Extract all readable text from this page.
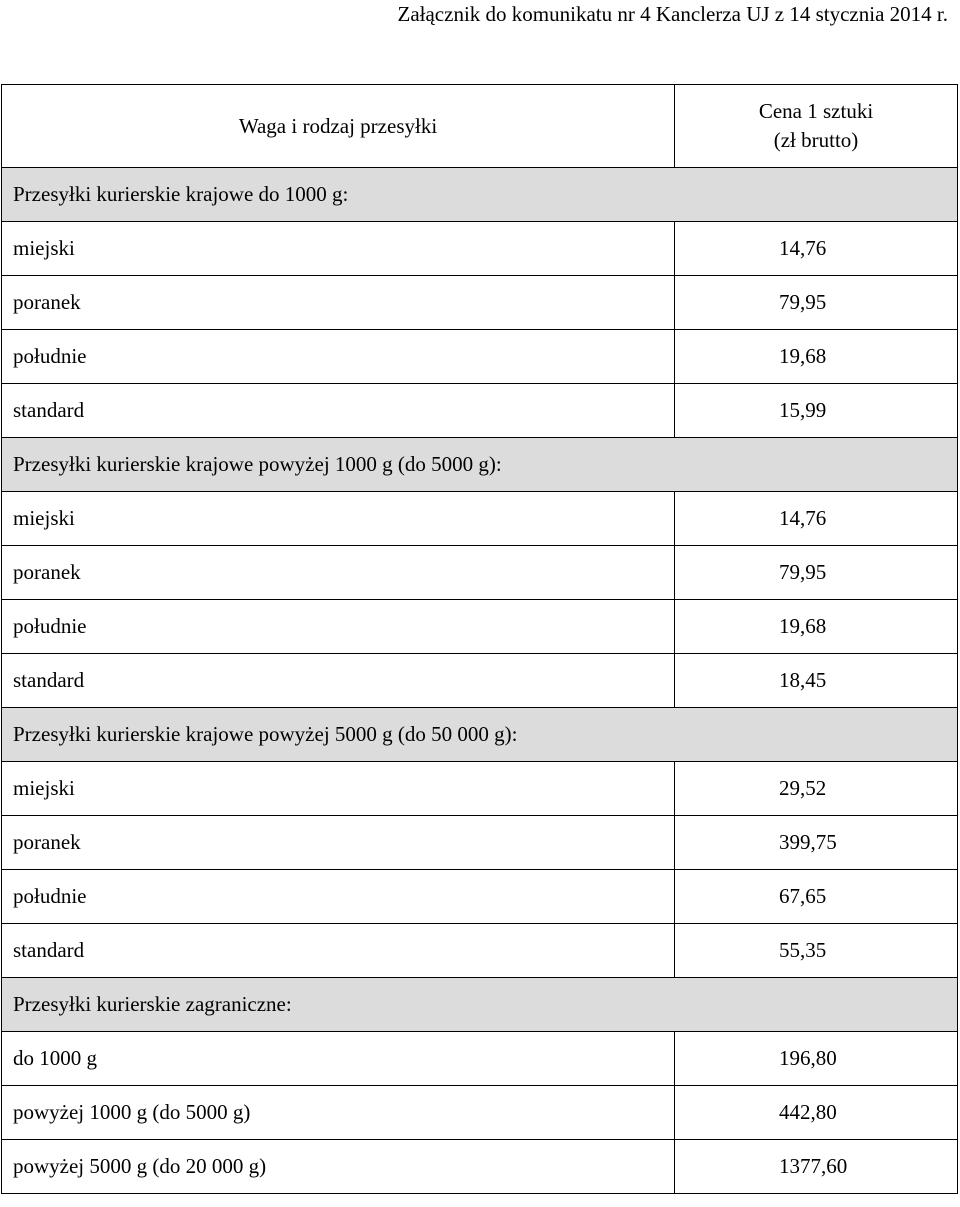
Załącznik do komunikatu nr 4 Kanclerza UJ z 14 stycznia 2014 r.
Waga i rodzaj przesyłki	Cena 1 sztuki
(zł brutto)
Przesyłki kurierskie krajowe do 1000 g:	
miejski	14,76
poranek	79,95
południe	19,68
standard	15,99
Przesyłki kurierskie krajowe powyżej 1000 g (do 5000 g):	
miejski	14,76
poranek	79,95
południe	19,68
standard	18,45
Przesyłki kurierskie krajowe powyżej 5000 g (do 50 000 g):	
miejski	29,52
poranek	399,75
południe	67,65
standard	55,35
Przesyłki kurierskie zagraniczne:	
do 1000 g	196,80
powyżej 1000 g (do 5000 g)	442,80
powyżej 5000 g (do 20 000 g)	1377,60
